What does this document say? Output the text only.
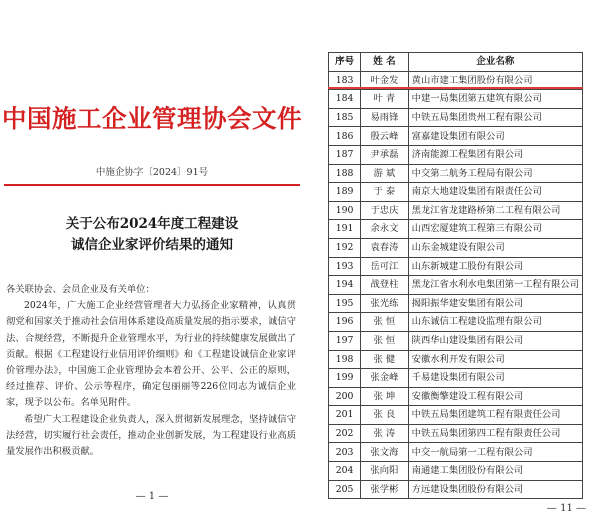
中国施工企业管理协会文件
中施企协字〔2024〕91号
关于公布2024年度工程建设
诚信企业家评价结果的通知

各关联协会、会员企业及有关单位：

2024年，广大施工企业经营管理者大力弘扬企业家精神，认真贯彻党和国家关于推动社会信用体系建设高质量发展的指示要求，诚信守法、合规经营，不断提升企业管理水平，为行业的持续健康发展做出了贡献。根据《工程建设行业信用评价细则》和《工程建设诚信企业家评价管理办法》，中国施工企业管理协会本着公开、公平、公正的原则，经过推荐、评价、公示等程序，确定包丽丽等226位同志为诚信企业家，现予以公布。名单见附件。

希望广大工程建设企业负责人，深入贯彻新发展理念，坚持诚信守法经营，切实履行社会责任，推动企业创新发展，为工程建设行业高质量发展作出积极贡献。

— 1 —
序号	姓 名	企业名称
183	叶金发	黄山市建工集团股份有限公司
184	叶 青	中建一局集团第五建筑有限公司
185	易雨锋	中铁五局集团贵州工程有限公司
186	殷云峰	富嘉建设集团有限公司
187	尹承磊	济南能源工程集团有限公司
188	游 斌	中交第二航务工程局有限公司
189	于 泰	南京大地建设集团有限责任公司
190	于忠庆	黑龙江省龙建路桥第二工程有限公司
191	余永文	山西宏厦建筑工程第三有限公司
192	袁春涛	山东金城建设有限公司
193	岳可江	山东新城建工股份有限公司
194	战登柱	黑龙江省水利水电集团第一工程有限公司
195	张光练	揭阳振华建安集团有限公司
196	张 恒	山东诚信工程建设监理有限公司
197	张 恒	陕西华山建设集团有限公司
198	张 健	安徽水利开发有限公司
199	张金峰	千易建设集团有限公司
200	张 坤	安徽衡擎建设工程有限公司
201	张 良	中铁五局集团建筑工程有限责任公司
202	张 涛	中铁五局集团第四工程有限责任公司
203	张文海	中交一航局第一工程有限公司
204	张向阳	南通建工集团股份有限公司
205	张学彬	方远建设集团股份有限公司
— 11 —
